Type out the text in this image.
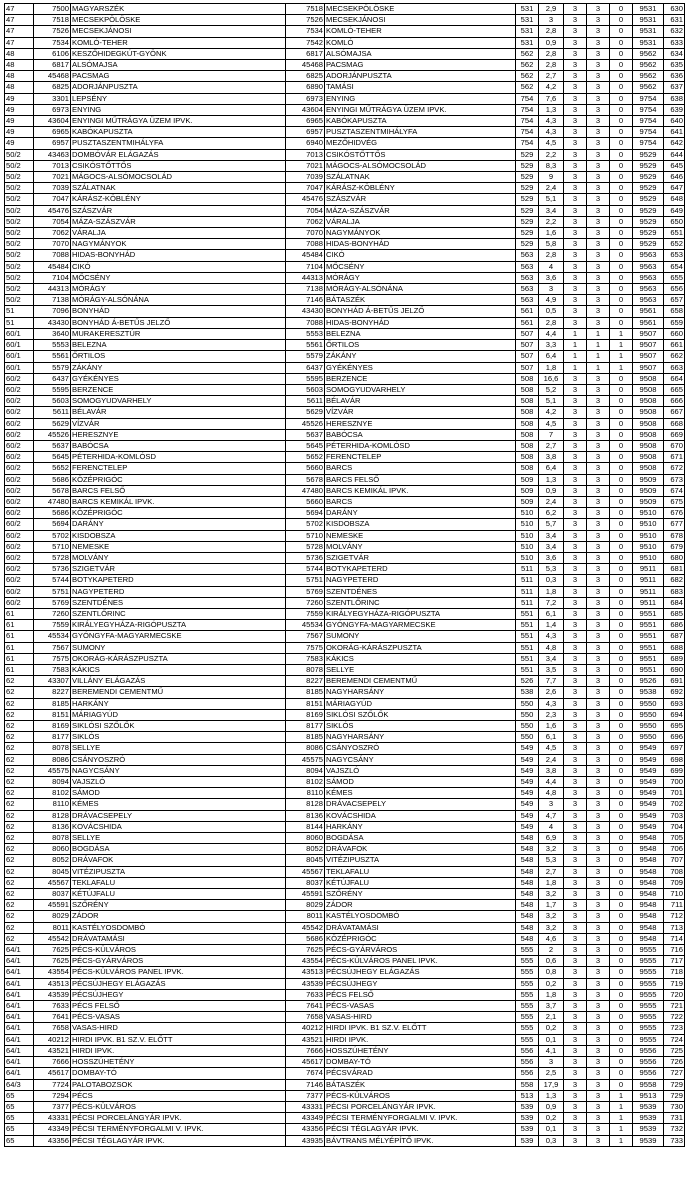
47	7500	MAGYARSZÉK	7518	MECSEKPÖLÖSKE	531	2,9	3	3	0	9531	630
47	7518	MECSEKPÖLÖSKE	7526	MECSEKJÁNOSI	531	3	3	3	0	9531	631
47	7526	MECSEKJÁNOSI	7534	KOMLÓ-TEHER	531	2,8	3	3	0	9531	632
47	7534	KOMLÓ-TEHER	7542	KOMLÓ	531	0,9	3	3	0	9531	633
48	6106	KESZŐHIDEGKÚT-GYÖNK	6817	ALSÓMAJSA	562	2,8	3	3	0	9562	634
48	6817	ALSÓMAJSA	45468	PACSMAG	562	2,8	3	3	0	9562	635
48	45468	PACSMAG	6825	ADORJÁNPUSZTA	562	2,7	3	3	0	9562	636
48	6825	ADORJÁNPUSZTA	6890	TAMÁSI	562	4,2	3	3	0	9562	637
49	3301	LEPSÉNY	6973	ENYING	754	7,6	3	3	0	9754	638
49	6973	ENYING	43604	ENYINGI MŰTRÁGYA ÜZEM IPVK.	754	1,3	3	3	0	9754	639
49	43604	ENYINGI MŰTRÁGYA ÜZEM IPVK.	6965	KABÓKAPUSZTA	754	4,3	3	3	0	9754	640
49	6965	KABÓKAPUSZTA	6957	PUSZTASZENTMIHÁLYFA	754	4,3	3	3	0	9754	641
49	6957	PUSZTASZENTMIHÁLYFA	6940	MEZŐHIDVÉG	754	4,5	3	3	0	9754	642
50/2	43463	DOMBÓVÁR ELÁGAZÁS	7013	CSIKÓSTŐTTŐS	529	2,2	3	3	0	9529	644
50/2	7013	CSIKÓSTŐTTŐS	7021	MÁGOCS-ALSÓMOCSOLÁD	529	8,3	3	3	0	9529	645
50/2	7021	MÁGOCS-ALSÓMOCSOLÁD	7039	SZÁLATNAK	529	9	3	3	0	9529	646
50/2	7039	SZÁLATNAK	7047	KÁRÁSZ-KÖBLÉNY	529	2,4	3	3	0	9529	647
50/2	7047	KÁRÁSZ-KÖBLÉNY	45476	SZÁSZVÁR	529	5,1	3	3	0	9529	648
50/2	45476	SZÁSZVÁR	7054	MÁZA-SZÁSZVÁR	529	3,4	3	3	0	9529	649
50/2	7054	MÁZA-SZÁSZVÁR	7062	VÁRALJA	529	2,2	3	3	0	9529	650
50/2	7062	VÁRALJA	7070	NAGYMÁNYOK	529	1,6	3	3	0	9529	651
50/2	7070	NAGYMÁNYOK	7088	HIDAS-BONYHÁD	529	5,8	3	3	0	9529	652
50/2	7088	HIDAS-BONYHÁD	45484	CIKÓ	563	2,8	3	3	0	9563	653
50/2	45484	CIKÓ	7104	MŐCSÉNY	563	4	3	3	0	9563	654
50/2	7104	MŐCSÉNY	44313	MÓRÁGY	563	3,6	3	3	0	9563	655
50/2	44313	MÓRÁGY	7138	MÓRÁGY-ALSÓNÁNA	563	3	3	3	0	9563	656
50/2	7138	MÓRÁGY-ALSÓNÁNA	7146	BÁTASZÉK	563	4,9	3	3	0	9563	657
51	7096	BONYHÁD	43430	BONYHÁD Á-BETŰS JELZŐ	561	0,5	3	3	0	9561	658
51	43430	BONYHÁD Á-BETŰS JELZŐ	7088	HIDAS-BONYHÁD	561	2,8	3	3	0	9561	659
60/1	3640	MURAKERESZTÚR	5553	BELEZNA	507	4,4	1	1	1	9507	660
60/1	5553	BELEZNA	5561	ŐRTILOS	507	3,3	1	1	1	9507	661
60/1	5561	ŐRTILOS	5579	ZÁKÁNY	507	6,4	1	1	1	9507	662
60/1	5579	ZÁKÁNY	6437	GYÉKÉNYES	507	1,8	1	1	1	9507	663
60/2	6437	GYÉKÉNYES	5595	BERZENCE	508	16,6	3	3	0	9508	664
60/2	5595	BERZENCE	5603	SOMOGYUDVARHELY	508	5,2	3	3	0	9508	665
60/2	5603	SOMOGYUDVARHELY	5611	BÉLAVÁR	508	5,1	3	3	0	9508	666
60/2	5611	BÉLAVÁR	5629	VÍZVÁR	508	4,2	3	3	0	9508	667
60/2	5629	VÍZVÁR	45526	HERESZNYE	508	4,5	3	3	0	9508	668
60/2	45526	HERESZNYE	5637	BABÓCSA	508	7	3	3	0	9508	669
60/2	5637	BABÓCSA	5645	PÉTERHIDA-KOMLÓSD	508	2,7	3	3	0	9508	670
60/2	5645	PÉTERHIDA-KOMLÓSD	5652	FERENCTELEP	508	3,8	3	3	0	9508	671
60/2	5652	FERENCTELEP	5660	BARCS	508	6,4	3	3	0	9508	672
60/2	5686	KÖZÉPRIGÓC	5678	BARCS FELSŐ	509	1,3	3	3	0	9509	673
60/2	5678	BARCS FELSŐ	47480	BARCS KEMIKÁL IPVK.	509	0,9	3	3	0	9509	674
60/2	47480	BARCS KEMIKÁL IPVK.	5660	BARCS	509	2,4	3	3	0	9509	675
60/2	5686	KÖZÉPRIGÓC	5694	DARÁNY	510	6,2	3	3	0	9510	676
60/2	5694	DARÁNY	5702	KISDOBSZA	510	5,7	3	3	0	9510	677
60/2	5702	KISDOBSZA	5710	NEMESKE	510	3,4	3	3	0	9510	678
60/2	5710	NEMESKE	5728	MOLVÁNY	510	3,4	3	3	0	9510	679
60/2	5728	MOLVÁNY	5736	SZIGETVÁR	510	3,6	3	3	0	9510	680
60/2	5736	SZIGETVÁR	5744	BOTYKAPETERD	511	5,3	3	3	0	9511	681
60/2	5744	BOTYKAPETERD	5751	NAGYPETERD	511	0,3	3	3	0	9511	682
60/2	5751	NAGYPETERD	5769	SZENTDÉNES	511	1,8	3	3	0	9511	683
60/2	5769	SZENTDÉNES	7260	SZENTLŐRINC	511	7,2	3	3	0	9511	684
61	7260	SZENTLŐRINC	7559	KIRÁLYEGYHÁZA-RIGÓPUSZTA	551	6,1	3	3	0	9551	685
61	7559	KIRÁLYEGYHÁZA-RIGÓPUSZTA	45534	GYÓNGYFA-MAGYARMECSKE	551	1,4	3	3	0	9551	686
61	45534	GYÓNGYFA-MAGYARMECSKE	7567	SUMONY	551	4,3	3	3	0	9551	687
61	7567	SUMONY	7575	OKORÁG-KÁRÁSZPUSZTA	551	4,8	3	3	0	9551	688
61	7575	OKORÁG-KÁRÁSZPUSZTA	7583	KÁKICS	551	3,4	3	3	0	9551	689
61	7583	KÁKICS	8078	SELLYE	551	3,5	3	3	0	9551	690
62	43307	VILLÁNY ELÁGAZÁS	8227	BEREMENDI CEMENTMŰ	526	7,7	3	3	0	9526	691
62	8227	BEREMENDI CEMENTMŰ	8185	NAGYHARSÁNY	538	2,6	3	3	0	9538	692
62	8185	HARKÁNY	8151	MÁRIAGYÚD	550	4,3	3	3	0	9550	693
62	8151	MÁRIAGYÚD	8169	SIKLÓSI SZŐLŐK	550	2,3	3	3	0	9550	694
62	8169	SIKLÓSI SZŐLŐK	8177	SIKLÓS	550	1,6	3	3	0	9550	695
62	8177	SIKLÓS	8185	NAGYHARSÁNY	550	6,1	3	3	0	9550	696
62	8078	SELLYE	8086	CSÁNYOSZRÓ	549	4,5	3	3	0	9549	697
62	8086	CSÁNYOSZRÓ	45575	NAGYCSÁNY	549	2,4	3	3	0	9549	698
62	45575	NAGYCSÁNY	8094	VAJSZLÓ	549	3,8	3	3	0	9549	699
62	8094	VAJSZLÓ	8102	SÁMOD	549	4,4	3	3	0	9549	700
62	8102	SÁMOD	8110	KÉMES	549	4,8	3	3	0	9549	701
62	8110	KÉMES	8128	DRÁVACSEPELY	549	3	3	3	0	9549	702
62	8128	DRÁVACSEPELY	8136	KOVÁCSHIDA	549	4,7	3	3	0	9549	703
62	8136	KOVÁCSHIDA	8144	HARKÁNY	549	4	3	3	0	9549	704
62	8078	SELLYE	8060	BOGDÁSA	548	6,9	3	3	0	9548	705
62	8060	BOGDÁSA	8052	DRÁVAFOK	548	3,2	3	3	0	9548	706
62	8052	DRÁVAFOK	8045	VITÉZIPUSZTA	548	5,3	3	3	0	9548	707
62	8045	VITÉZIPUSZTA	45567	TEKLAFALU	548	2,7	3	3	0	9548	708
62	45567	TEKLAFALU	8037	KÉTÚJFALU	548	1,8	3	3	0	9548	709
62	8037	KÉTÚJFALU	45591	SZŐRÉNY	548	3,2	3	3	0	9548	710
62	45591	SZŐRÉNY	8029	ZÁDOR	548	1,7	3	3	0	9548	711
62	8029	ZÁDOR	8011	KASTÉLYOSDOMBÓ	548	3,2	3	3	0	9548	712
62	8011	KASTÉLYOSDOMBÓ	45542	DRÁVATAMÁSI	548	3,2	3	3	0	9548	713
62	45542	DRÁVATAMÁSI	5686	KÖZÉPRIGÓC	548	4,6	3	3	0	9548	714
64/1	7625	PÉCS-KÜLVÁROS	7625	PÉCS-GYÁRVÁROS	555	2	3	3	0	9555	716
64/1	7625	PÉCS-GYÁRVÁROS	43554	PÉCS-KÜLVÁROS PANEL IPVK.	555	0,6	3	3	0	9555	717
64/1	43554	PÉCS-KÜLVÁROS PANEL IPVK.	43513	PÉCSÚJHEGY ELÁGAZÁS	555	0,8	3	3	0	9555	718
64/1	43513	PÉCSÚJHEGY ELÁGAZÁS	43539	PÉCSÚJHEGY	555	0,2	3	3	0	9555	719
64/1	43539	PÉCSÚJHEGY	7633	PÉCS FELSŐ	555	1,8	3	3	0	9555	720
64/1	7633	PÉCS FELSŐ	7641	PÉCS-VASAS	555	3,7	3	3	0	9555	721
64/1	7641	PÉCS-VASAS	7658	VASAS-HIRD	555	2,1	3	3	0	9555	722
64/1	7658	VASAS-HIRD	40212	HIRDI IPVK. B1 SZ.V. ELŐTT	555	0,2	3	3	0	9555	723
64/1	40212	HIRDI IPVK. B1 SZ.V. ELŐTT	43521	HIRDI IPVK.	555	0,1	3	3	0	9555	724
64/1	43521	HIRDI IPVK.	7666	HOSSZÚHETÉNY	556	4,1	3	3	0	9556	725
64/1	7666	HOSSZÚHETÉNY	45617	DOMBAY-TÓ	556	3	3	3	0	9556	726
64/1	45617	DOMBAY-TÓ	7674	PÉCSVÁRAD	556	2,5	3	3	0	9556	727
64/3	7724	PALOTABOZSOK	7146	BÁTASZÉK	558	17,9	3	3	0	9558	729
65	7294	PÉCS	7377	PÉCS-KÜLVÁROS	513	1,3	3	3	1	9513	729
65	7377	PÉCS-KÜLVÁROS	43331	PÉCSI PORCELÁNGYÁR IPVK.	539	0,9	3	3	1	9539	730
65	43331	PÉCSI PORCELÁNGYÁR IPVK.	43349	PÉCSI TERMÉNYFORGALMI V. IPVK.	539	0,2	3	3	1	9539	731
65	43349	PÉCSI TERMÉNYFORGALMI V. IPVK.	43356	PÉCSI TÉGLAGYÁR IPVK.	539	0,1	3	3	1	9539	732
65	43356	PÉCSI TÉGLAGYÁR IPVK.	43935	BÁVTRANS MÉLYÉPÍTŐ IPVK.	539	0,3	3	3	1	9539	733
